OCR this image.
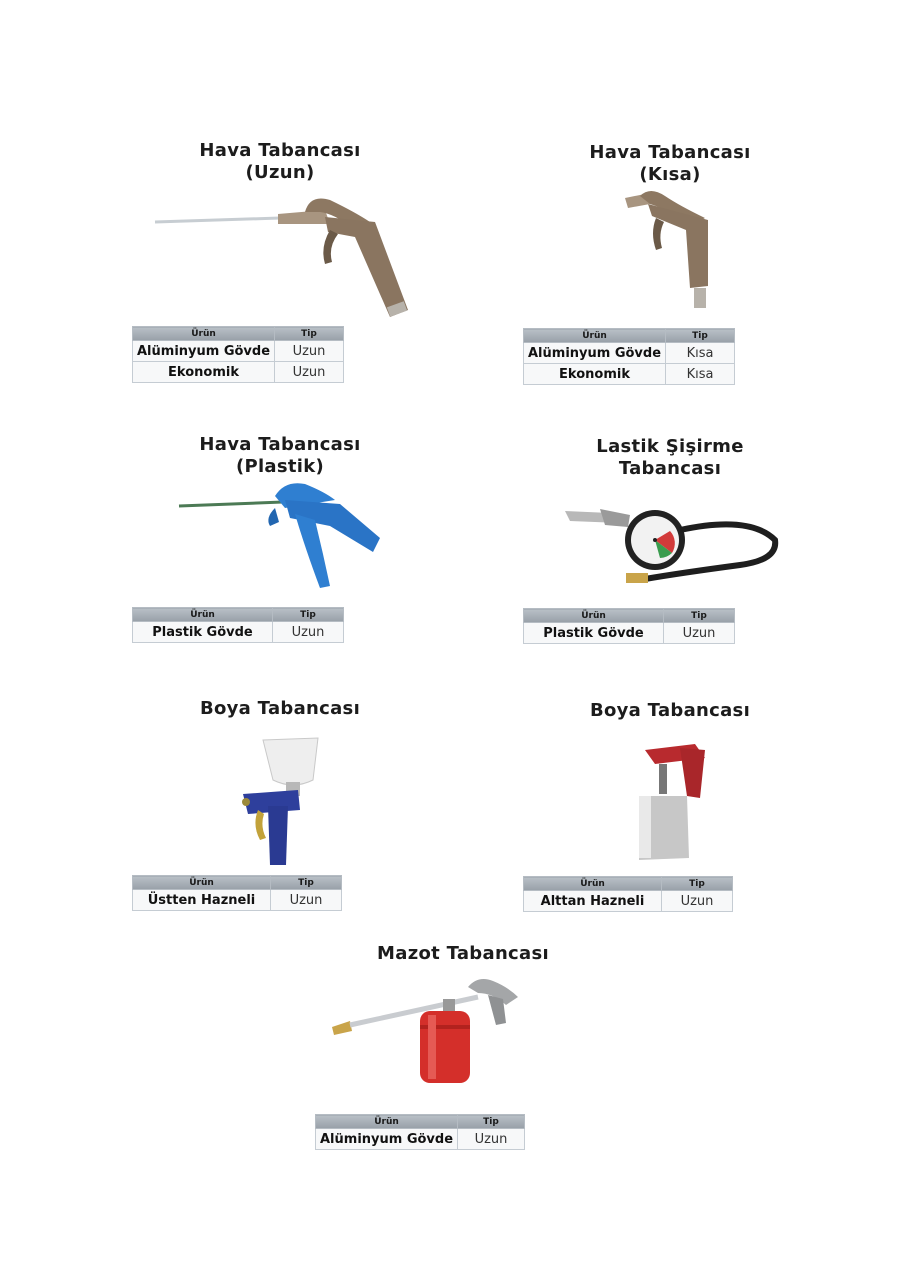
Hava Tabancası
(Uzun)
Ürün	Tip
Alüminyum Gövde	Uzun
Ekonomik	Uzun
Hava Tabancası
(Kısa)
Ürün	Tip
Alüminyum Gövde	Kısa
Ekonomik	Kısa
Hava Tabancası
(Plastik)
Ürün	Tip
Plastik Gövde	Uzun
Lastik Şişirme Tabancası
Ürün	Tip
Plastik Gövde	Uzun
Boya Tabancası
Ürün	Tip
Üstten Hazneli	Uzun
Boya Tabancası
Ürün	Tip
Alttan Hazneli	Uzun
Mazot Tabancası
Ürün	Tip
Alüminyum Gövde	Uzun
